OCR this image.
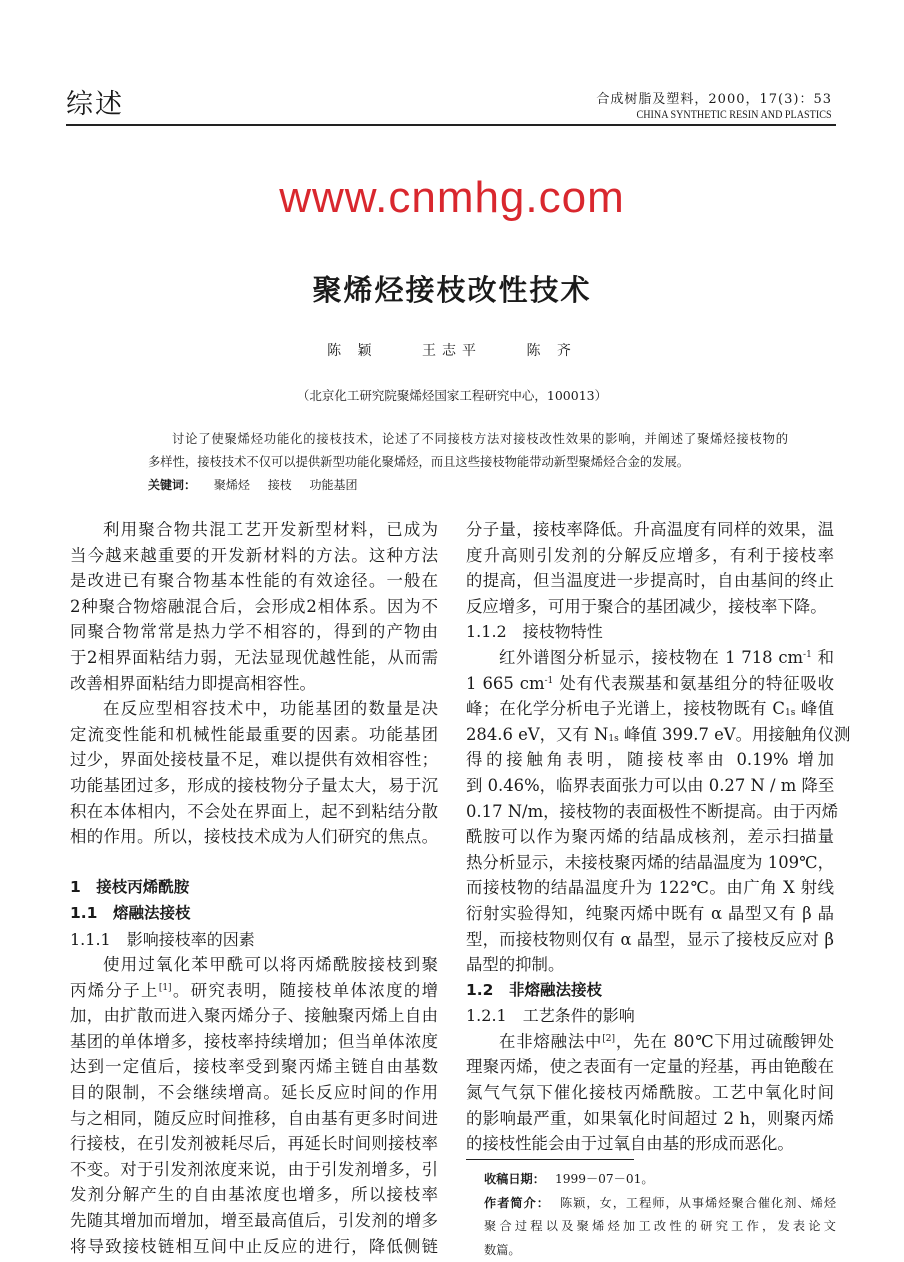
综述	合成树脂及塑料，2000，17(3)：53
CHINA SYNTHETIC RESIN AND PLASTICS
www.cnmhg.com
聚烯烃接枝改性技术
陈 颖	王志平	陈 齐
（北京化工研究院聚烯烃国家工程研究中心，100013）
讨论了使聚烯烃功能化的接枝技术，论述了不同接枝方法对接枝改性效果的影响，并阐述了聚烯烃接枝物的
多样性，接枝技术不仅可以提供新型功能化聚烯烃，而且这些接枝物能带动新型聚烯烃合金的发展。
关键词： 聚烯烃 接枝 功能基团
利用聚合物共混工艺开发新型材料，已成为
当今越来越重要的开发新材料的方法。这种方法
是改进已有聚合物基本性能的有效途径。一般在
2种聚合物熔融混合后，会形成2相体系。因为不
同聚合物常常是热力学不相容的，得到的产物由
于2相界面粘结力弱，无法显现优越性能，从而需
改善相界面粘结力即提高相容性。
在反应型相容技术中，功能基团的数量是决
定流变性能和机械性能最重要的因素。功能基团
过少，界面处接枝量不足，难以提供有效相容性；
功能基团过多，形成的接枝物分子量太大，易于沉
积在本体相内，不会处在界面上，起不到粘结分散
相的作用。所以，接枝技术成为人们研究的焦点。
1　接枝丙烯酰胺
1.1　熔融法接枝
1.1.1　影响接枝率的因素
使用过氧化苯甲酰可以将丙烯酰胺接枝到聚
丙烯分子上[1]。研究表明，随接枝单体浓度的增
加，由扩散而进入聚丙烯分子、接触聚丙烯上自由
基团的单体增多，接枝率持续增加；但当单体浓度
达到一定值后，接枝率受到聚丙烯主链自由基数
目的限制，不会继续增高。延长反应时间的作用
与之相同，随反应时间推移，自由基有更多时间进
行接枝，在引发剂被耗尽后，再延长时间则接枝率
不变。对于引发剂浓度来说，由于引发剂增多，引
发剂分解产生的自由基浓度也增多，所以接枝率
先随其增加而增加，增至最高值后，引发剂的增多
将导致接枝链相互间中止反应的进行，降低侧链
分子量，接枝率降低。升高温度有同样的效果，温
度升高则引发剂的分解反应增多，有利于接枝率
的提高，但当温度进一步提高时，自由基间的终止
反应增多，可用于聚合的基团减少，接枝率下降。
1.1.2　接枝物特性
红外谱图分析显示，接枝物在 1 718 $cm^{-1}$ 和
1 665 $cm^{-1}$ 处有代表羰基和氨基组分的特征吸收
峰；在化学分析电子光谱上，接枝物既有 $C_{1s}$ 峰值
284.6 eV，又有 $N_{1s}$ 峰值 399.7 eV。用接触角仪测
得的接触角表明，随接枝率由 0.19% 增加
到 0.46%，临界表面张力可以由 0.27 N / m 降至
0.17 N/m，接枝物的表面极性不断提高。由于丙烯
酰胺可以作为聚丙烯的结晶成核剂，差示扫描量
热分析显示，未接枝聚丙烯的结晶温度为 109℃，
而接枝物的结晶温度升为 122℃。由广角 X 射线
衍射实验得知，纯聚丙烯中既有 α 晶型又有 β 晶
型，而接枝物则仅有 α 晶型，显示了接枝反应对 β
晶型的抑制。
1.2　非熔融法接枝
1.2.1　工艺条件的影响
在非熔融法中[2]，先在 80℃下用过硫酸钾处
理聚丙烯，使之表面有一定量的羟基，再由铯酸在
氮气气氛下催化接枝丙烯酰胺。工艺中氧化时间
的影响最严重，如果氧化时间超过 2 h，则聚丙烯
的接枝性能会由于过氧自由基的形成而恶化。
收稿日期： 1999－07－01。
作者简介： 陈颖，女，工程师，从事烯烃聚合催化剂、烯烃
聚合过程以及聚烯烃加工改性的研究工作，发表论文
数篇。
